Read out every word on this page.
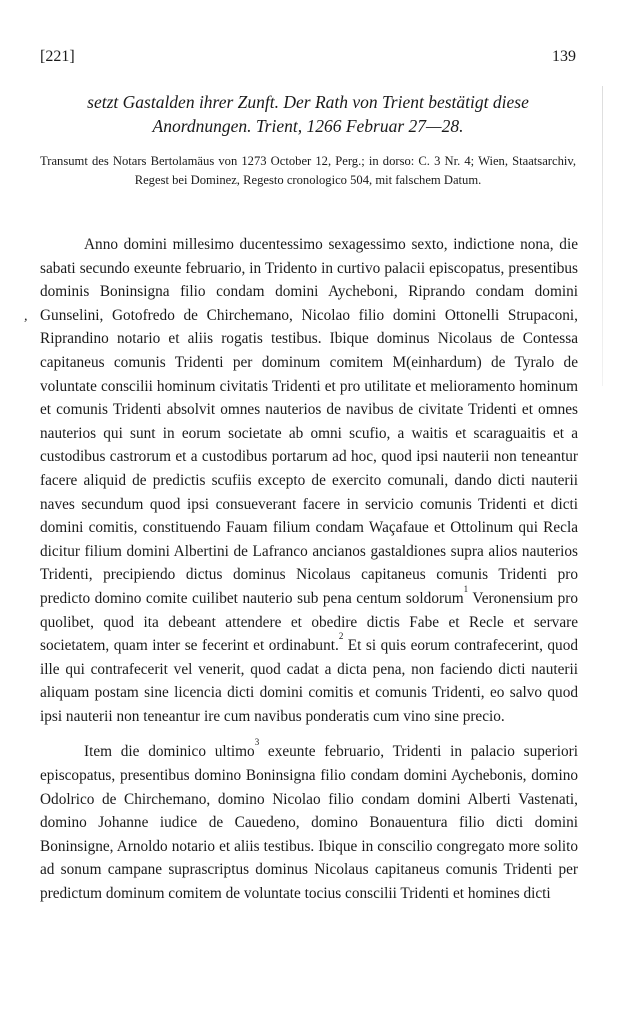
[221]	139
setzt Gastalden ihrer Zunft. Der Rath von Trient bestätigt diese
Anordnungen. Trient, 1266 Februar 27—28.
Transumt des Notars Bertolamäus von 1273 October 12, Perg.; in dorso: C. 3 Nr. 4; Wien, Staatsarchiv, Regest bei Dominez, Regesto cronologico 504, mit falschem Datum.
,

Anno domini millesimo ducentessimo sexagessimo sexto, indictione nona, die sabati secundo exeunte februario, in Tridento in curtivo palacii episcopatus, presentibus dominis Boninsigna filio condam domini Aycheboni, Riprando condam domini Gunselini, Gotofredo de Chirchemano, Nicolao filio domini Ottonelli Strupaconi, Riprandino notario et aliis rogatis testibus. Ibique dominus Nicolaus de Contessa capitaneus comunis Tridenti per dominum comitem M(einhardum) de Tyralo de voluntate conscilii hominum civitatis Tridenti et pro utilitate et melioramento hominum et comunis Tridenti absolvit omnes nauterios de navibus de civitate Tridenti et omnes nauterios qui sunt in eorum societate ab omni scufio, a waitis et scaraguaitis et a custodibus castrorum et a custodibus portarum ad hoc, quod ipsi nauterii non teneantur facere aliquid de predictis scufiis excepto de exercito comunali, dando dicti nauterii naves secundum quod ipsi consueverant facere in servicio comunis Tridenti et dicti domini comitis, constituendo Fauam filium condam Waçafaue et Ottolinum qui Recla dicitur filium domini Albertini de Lafranco ancianos gastaldiones supra alios nauterios Tridenti, precipiendo dictus dominus Nicolaus capitaneus comunis Tridenti pro predicto domino comite cuilibet nauterio sub pena centum soldorum$^1$ Veronensium pro quolibet, quod ita debeant attendere et obedire dictis Fabe et Recle et servare societatem, quam inter se fecerint et ordinabunt.$^2$ Et si quis eorum contrafecerint, quod ille qui contrafecerit vel venerit, quod cadat a dicta pena, non faciendo dicti nauterii aliquam postam sine licencia dicti domini comitis et comunis Tridenti, eo salvo quod ipsi nauterii non teneantur ire cum navibus ponderatis cum vino sine precio.

Item die dominico ultimo$^3$ exeunte februario, Tridenti in palacio superiori episcopatus, presentibus domino Boninsigna filio condam domini Aychebonis, domino Odolrico de Chirchemano, domino Nicolao filio condam domini Alberti Vastenati, domino Johanne iudice de Cauedeno, domino Bonauentura filio dicti domini Boninsigne, Arnoldo notario et aliis testibus. Ibique in conscilio congregato more solito ad sonum campane suprascriptus dominus Nicolaus capitaneus comunis Tridenti per predictum dominum comitem de voluntate tocius conscilii Tridenti et homines dicti
